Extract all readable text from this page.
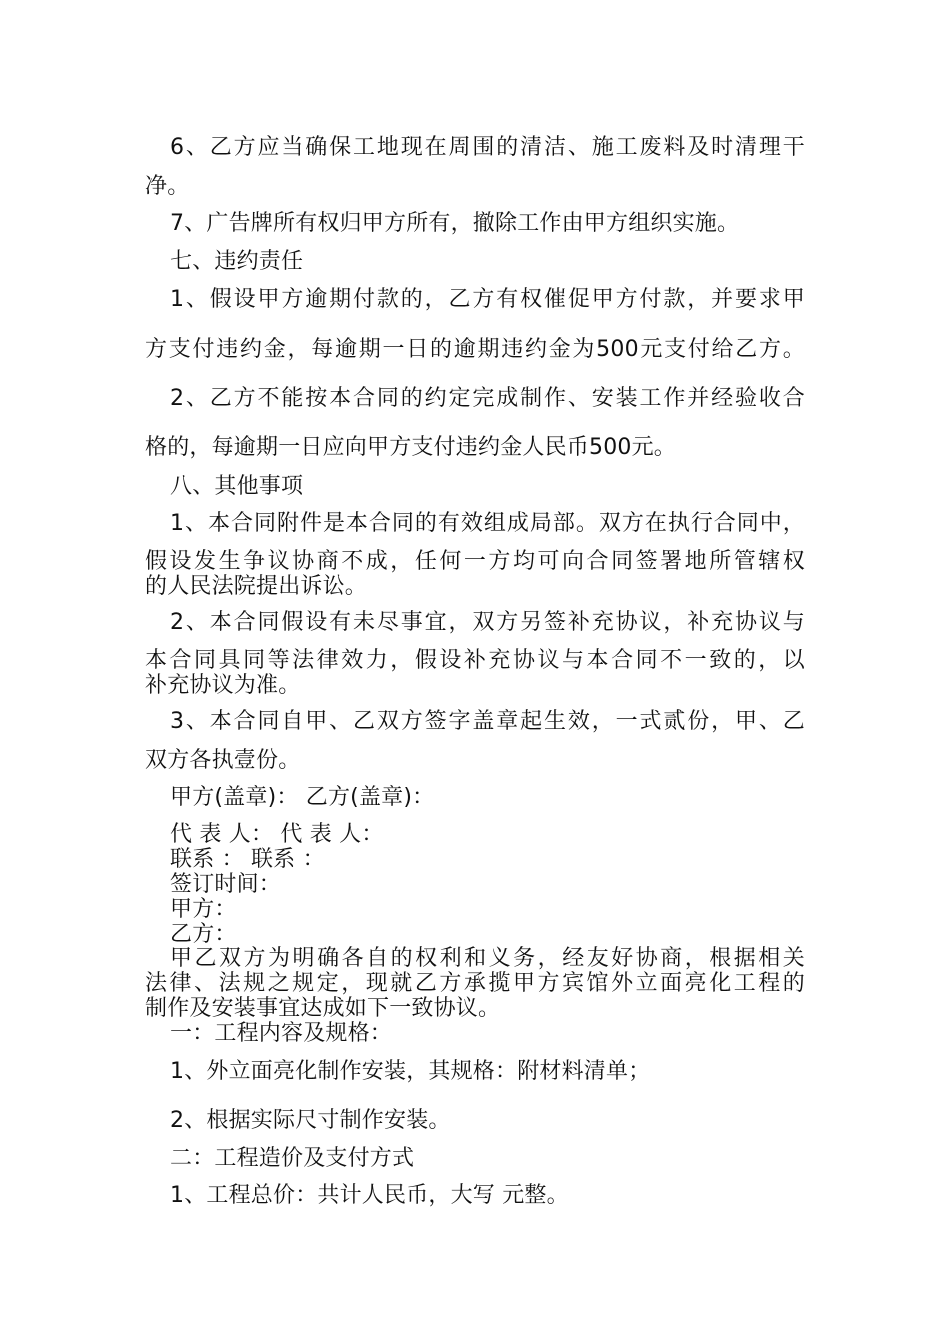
6、乙方应当确保工地现在周围的清洁、施工废料及时清理干
净。
7、广告牌所有权归甲方所有，撤除工作由甲方组织实施。
七、违约责任
1、假设甲方逾期付款的，乙方有权催促甲方付款，并要求甲
方支付违约金，每逾期一日的逾期违约金为500元支付给乙方。
2、乙方不能按本合同的约定完成制作、安装工作并经验收合
格的，每逾期一日应向甲方支付违约金人民币500元。
八、其他事项
1、本合同附件是本合同的有效组成局部。双方在执行合同中，
假设发生争议协商不成，任何一方均可向合同签署地所管辖权
的人民法院提出诉讼。
2、本合同假设有未尽事宜，双方另签补充协议，补充协议与
本合同具同等法律效力，假设补充协议与本合同不一致的，以
补充协议为准。
3、本合同自甲、乙双方签字盖章起生效，一式贰份，甲、乙
双方各执壹份。
甲方(盖章)： 乙方(盖章)：
代 表 人： 代 表 人：
联系 ： 联系 ：
签订时间：
甲方：
乙方：
甲乙双方为明确各自的权利和义务，经友好协商，根据相关
法律、法规之规定，现就乙方承揽甲方宾馆外立面亮化工程的
制作及安装事宜达成如下一致协议。
一：工程内容及规格：
1、外立面亮化制作安装，其规格：附材料清单；
2、根据实际尺寸制作安装。
二：工程造价及支付方式
1、工程总价：共计人民币，大写 元整。
